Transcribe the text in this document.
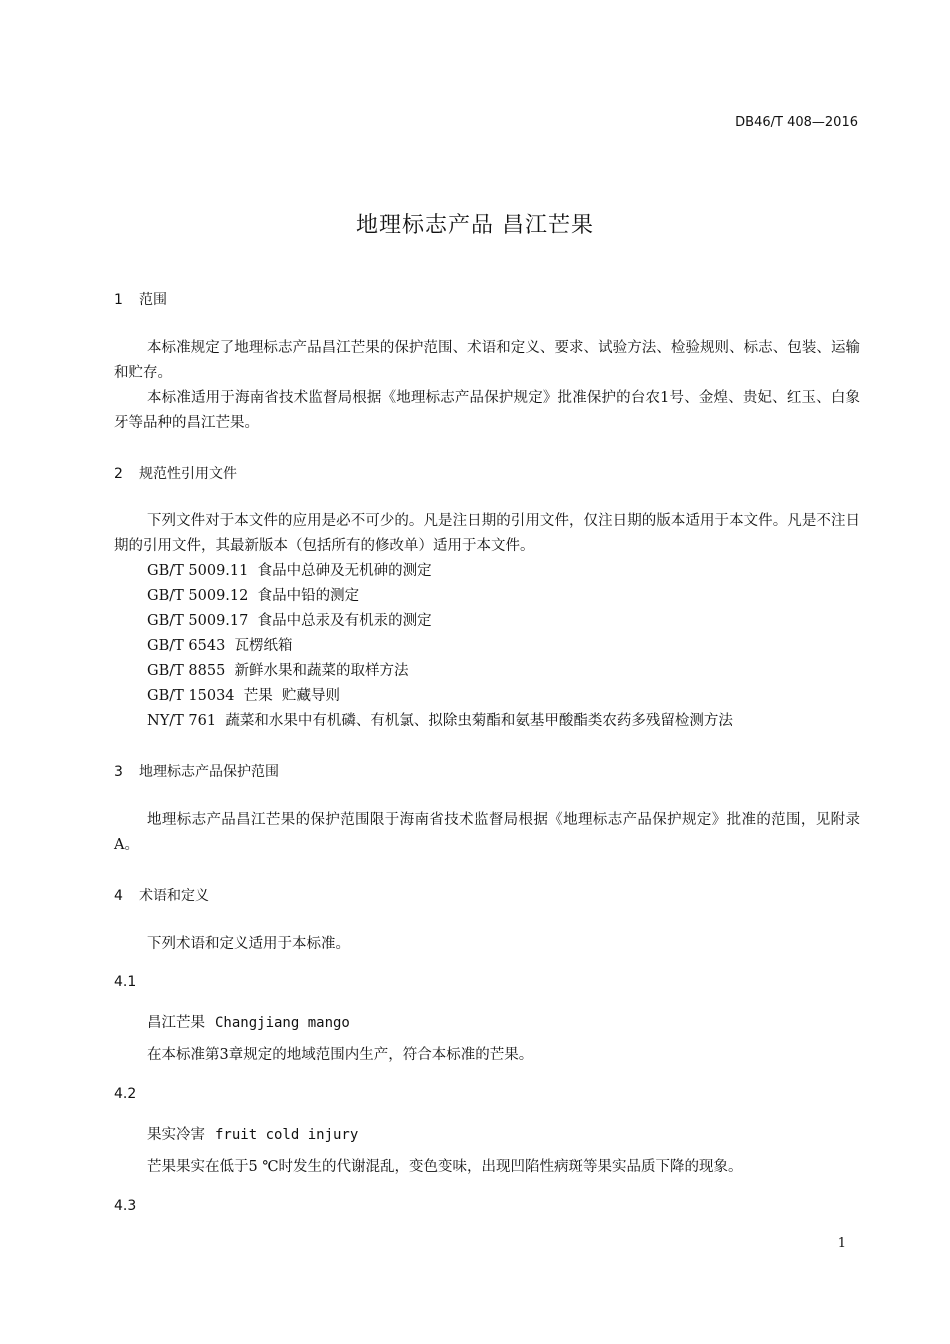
DB46/T 408—2016
地理标志产品 昌江芒果
1 范围

本标准规定了地理标志产品昌江芒果的保护范围、术语和定义、要求、试验方法、检验规则、标志、包装、运输和贮存。

本标准适用于海南省技术监督局根据《地理标志产品保护规定》批准保护的台农1号、金煌、贵妃、红玉、白象牙等品种的昌江芒果。

2 规范性引用文件

下列文件对于本文件的应用是必不可少的。凡是注日期的引用文件，仅注日期的版本适用于本文件。凡是不注日期的引用文件，其最新版本（包括所有的修改单）适用于本文件。

GB/T 5009.11  食品中总砷及无机砷的测定
GB/T 5009.12  食品中铅的测定
GB/T 5009.17  食品中总汞及有机汞的测定
GB/T 6543  瓦楞纸箱
GB/T 8855  新鲜水果和蔬菜的取样方法
GB/T 15034  芒果  贮藏导则
NY/T 761  蔬菜和水果中有机磷、有机氯、拟除虫菊酯和氨基甲酸酯类农药多残留检测方法
3 地理标志产品保护范围

地理标志产品昌江芒果的保护范围限于海南省技术监督局根据《地理标志产品保护规定》批准的范围，见附录A。

4 术语和定义

下列术语和定义适用于本标准。

4.1
昌江芒果 Changjiang mango
在本标准第3章规定的地域范围内生产，符合本标准的芒果。
4.2
果实冷害 fruit cold injury
芒果果实在低于5 ℃时发生的代谢混乱，变色变味，出现凹陷性病斑等果实品质下降的现象。
4.3
1
